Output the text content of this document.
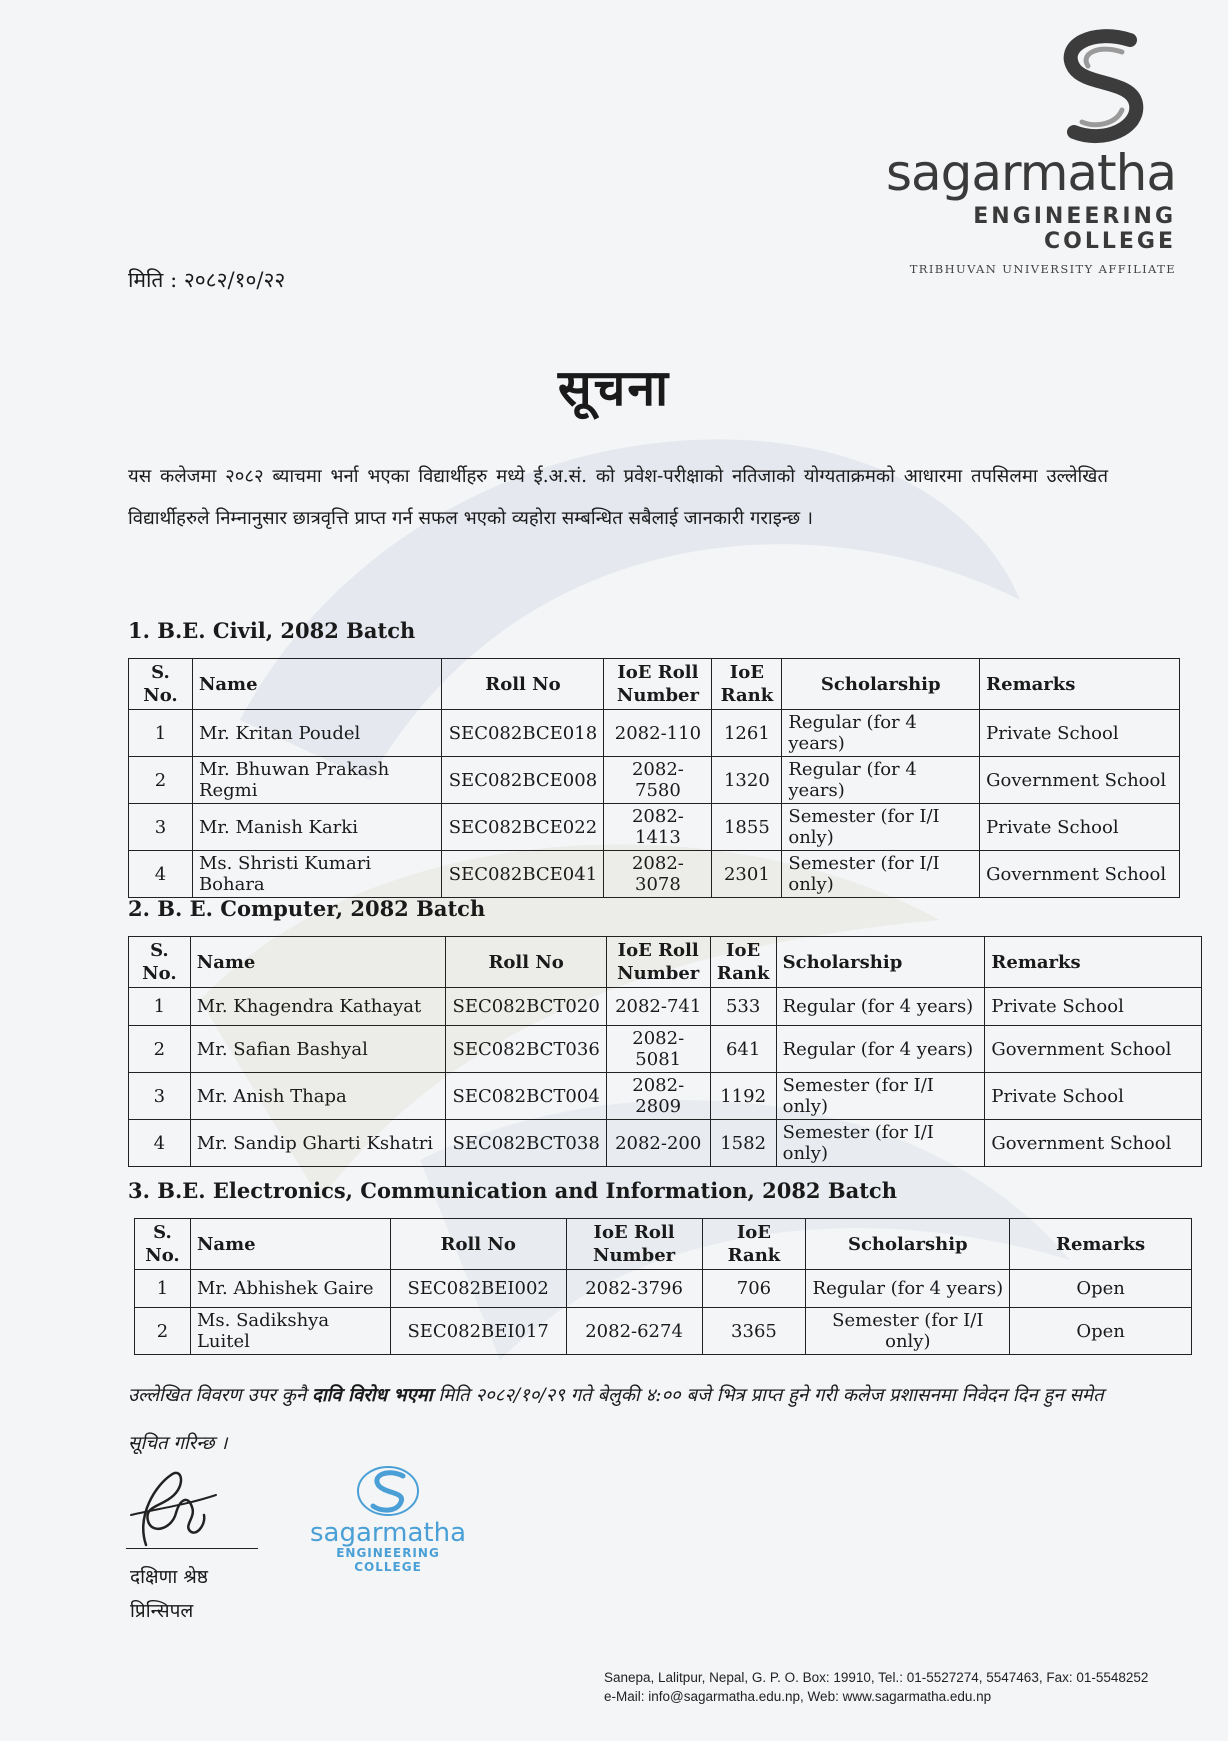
sagarmatha
ENGINEERING COLLEGE
TRIBHUVAN UNIVERSITY AFFILIATE
मिति : २०८२/१०/२२
सूचना
यस कलेजमा २०८२ ब्याचमा भर्ना भएका विद्यार्थीहरु मध्ये ई.अ.सं. को प्रवेश-परीक्षाको नतिजाको योग्यताक्रमको आधारमा तपसिलमा उल्लेखित विद्यार्थीहरुले निम्नानुसार छात्रवृत्ति प्राप्त गर्न सफल भएको व्यहोरा सम्बन्धित सबैलाई जानकारी गराइन्छ ।
1. B.E. Civil, 2082 Batch
S. No.	Name	Roll No	IoE Roll Number	IoE Rank	Scholarship	Remarks
1	Mr. Kritan Poudel	SEC082BCE018	2082-110	1261	Regular (for 4 years)	Private School
2	Mr. Bhuwan Prakash Regmi	SEC082BCE008	2082-7580	1320	Regular (for 4 years)	Government School
3	Mr. Manish Karki	SEC082BCE022	2082-1413	1855	Semester (for I/I only)	Private School
4	Ms. Shristi Kumari Bohara	SEC082BCE041	2082-3078	2301	Semester (for I/I only)	Government School
2. B. E. Computer, 2082 Batch
S. No.	Name	Roll No	IoE Roll Number	IoE Rank	Scholarship	Remarks
1	Mr. Khagendra Kathayat	SEC082BCT020	2082-741	533	Regular (for 4 years)	Private School
2	Mr. Safian Bashyal	SEC082BCT036	2082-5081	641	Regular (for 4 years)	Government School
3	Mr. Anish Thapa	SEC082BCT004	2082-2809	1192	Semester (for I/I only)	Private School
4	Mr. Sandip Gharti Kshatri	SEC082BCT038	2082-200	1582	Semester (for I/I only)	Government School
3. B.E. Electronics, Communication and Information, 2082 Batch
S. No.	Name	Roll No	IoE Roll Number	IoE Rank	Scholarship	Remarks
1	Mr. Abhishek Gaire	SEC082BEI002	2082-3796	706	Regular (for 4 years)	Open
2	Ms. Sadikshya Luitel	SEC082BEI017	2082-6274	3365	Semester (for I/I only)	Open
उल्लेखित विवरण उपर कुनै दावि विरोध भएमा मिति २०८२/१०/२९ गते बेलुकी ४:०० बजे भित्र प्राप्त हुने गरी कलेज प्रशासनमा निवेदन दिन हुन समेत सूचित गरिन्छ ।
दक्षिणा श्रेष्ठ
प्रिन्सिपल
sagarmatha
ENGINEERING COLLEGE
Sanepa, Lalitpur, Nepal, G. P. O. Box: 19910, Tel.: 01-5527274, 5547463, Fax: 01-5548252
e-Mail: info@sagarmatha.edu.np, Web: www.sagarmatha.edu.np
